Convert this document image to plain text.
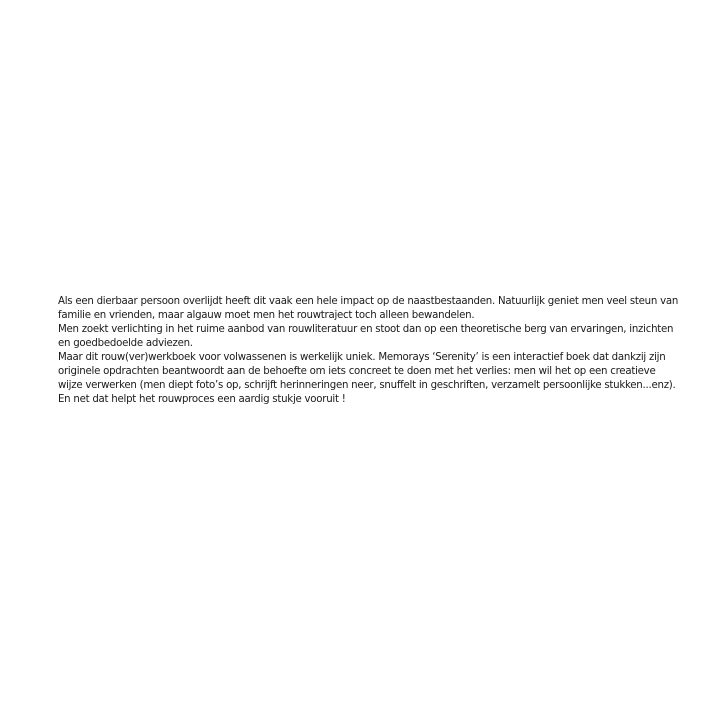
Als een dierbaar persoon overlijdt heeft dit vaak een hele impact op de naastbestaanden. Natuurlijk geniet men veel steun van
familie en vrienden, maar algauw moet men het rouwtraject toch alleen bewandelen.
Men zoekt verlichting in het ruime aanbod van rouwliteratuur en stoot dan op een theoretische berg van ervaringen, inzichten
en goedbedoelde adviezen.
Maar dit rouw(ver)werkboek voor volwassenen is werkelijk uniek. Memorays ‘Serenity’ is een interactief boek dat dankzij zijn
originele opdrachten beantwoordt aan de behoefte om iets concreet te doen met het verlies: men wil het op een creatieve
wijze verwerken (men diept foto’s op, schrijft herinneringen neer, snuffelt in geschriften, verzamelt persoonlijke stukken...enz).
En net dat helpt het rouwproces een aardig stukje vooruit !
